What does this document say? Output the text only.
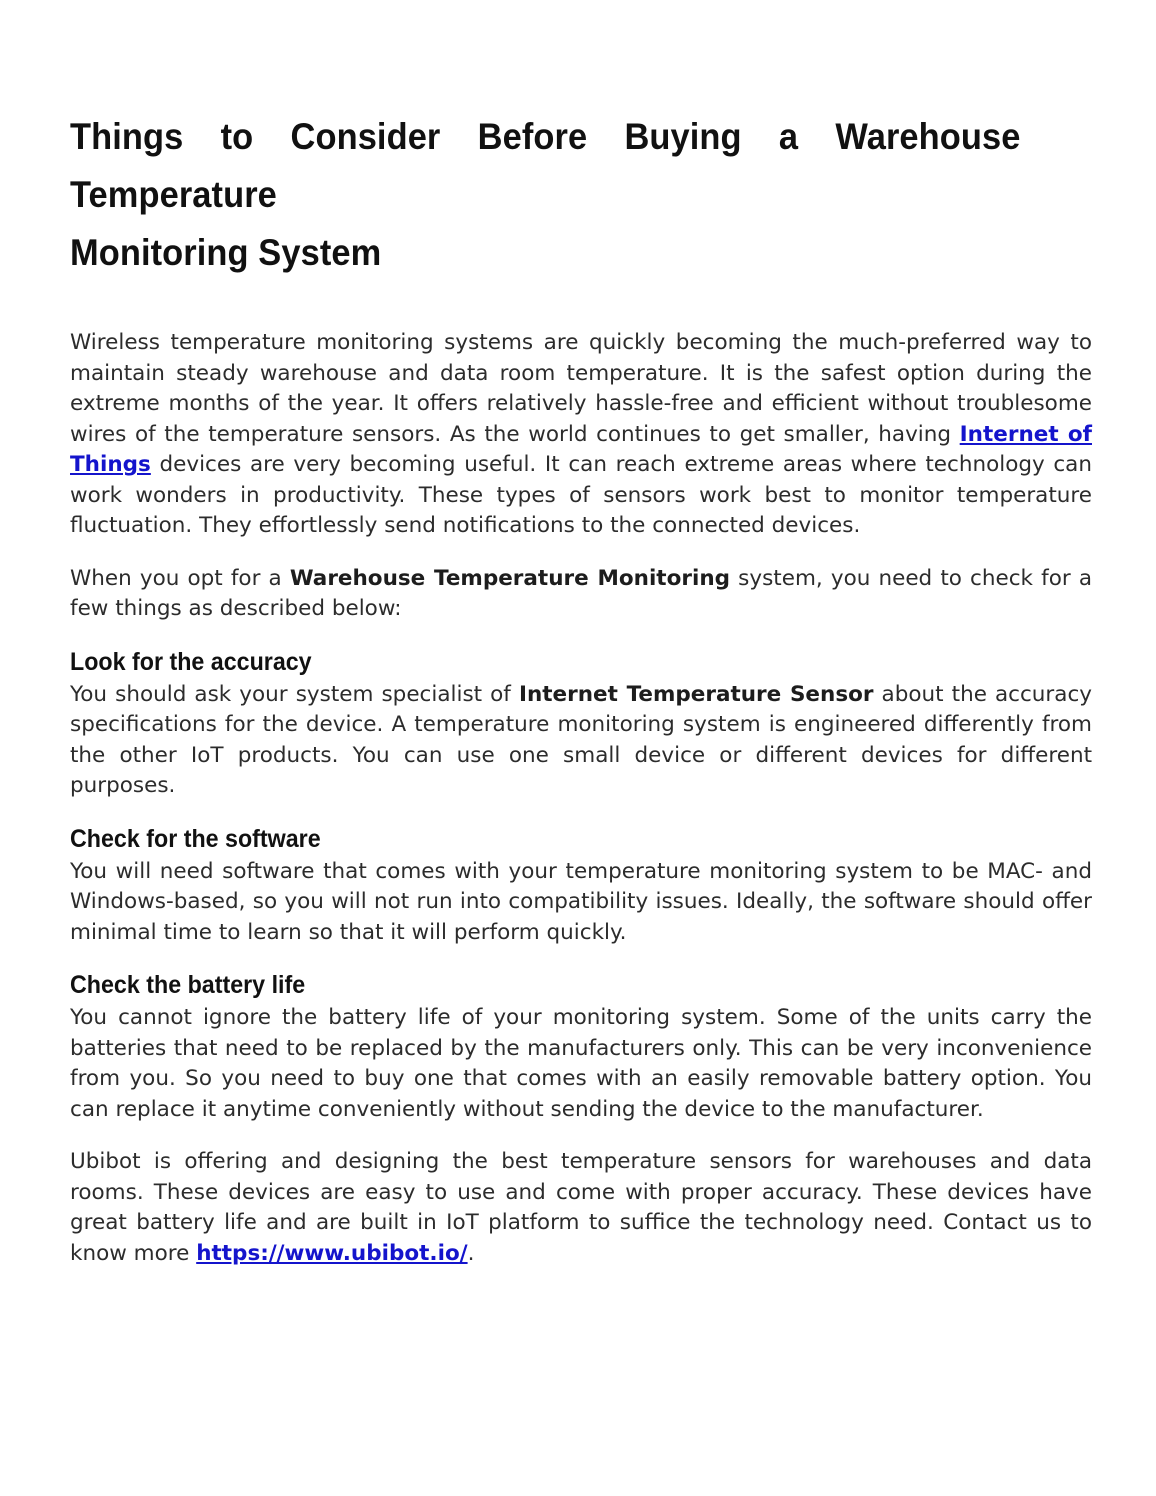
Things to Consider Before Buying a Warehouse Temperature
Monitoring System

Wireless temperature monitoring systems are quickly becoming the much-preferred way to maintain steady warehouse and data room temperature. It is the safest option during the extreme months of the year. It offers relatively hassle-free and efficient without troublesome wires of the temperature sensors. As the world continues to get smaller, having Internet of Things devices are very becoming useful. It can reach extreme areas where technology can work wonders in productivity. These types of sensors work best to monitor temperature fluctuation. They effortlessly send notifications to the connected devices.

When you opt for a Warehouse Temperature Monitoring system, you need to check for a few things as described below:

Look for the accuracy

You should ask your system specialist of Internet Temperature Sensor about the accuracy specifications for the device. A temperature monitoring system is engineered differently from the other IoT products. You can use one small device or different devices for different purposes.

Check for the software

You will need software that comes with your temperature monitoring system to be MAC- and Windows-based, so you will not run into compatibility issues. Ideally, the software should offer minimal time to learn so that it will perform quickly.

Check the battery life

You cannot ignore the battery life of your monitoring system. Some of the units carry the batteries that need to be replaced by the manufacturers only. This can be very inconvenience from you. So you need to buy one that comes with an easily removable battery option. You can replace it anytime conveniently without sending the device to the manufacturer.

Ubibot is offering and designing the best temperature sensors for warehouses and data rooms. These devices are easy to use and come with proper accuracy. These devices have great battery life and are built in IoT platform to suffice the technology need. Contact us to know more https://www.ubibot.io/.
